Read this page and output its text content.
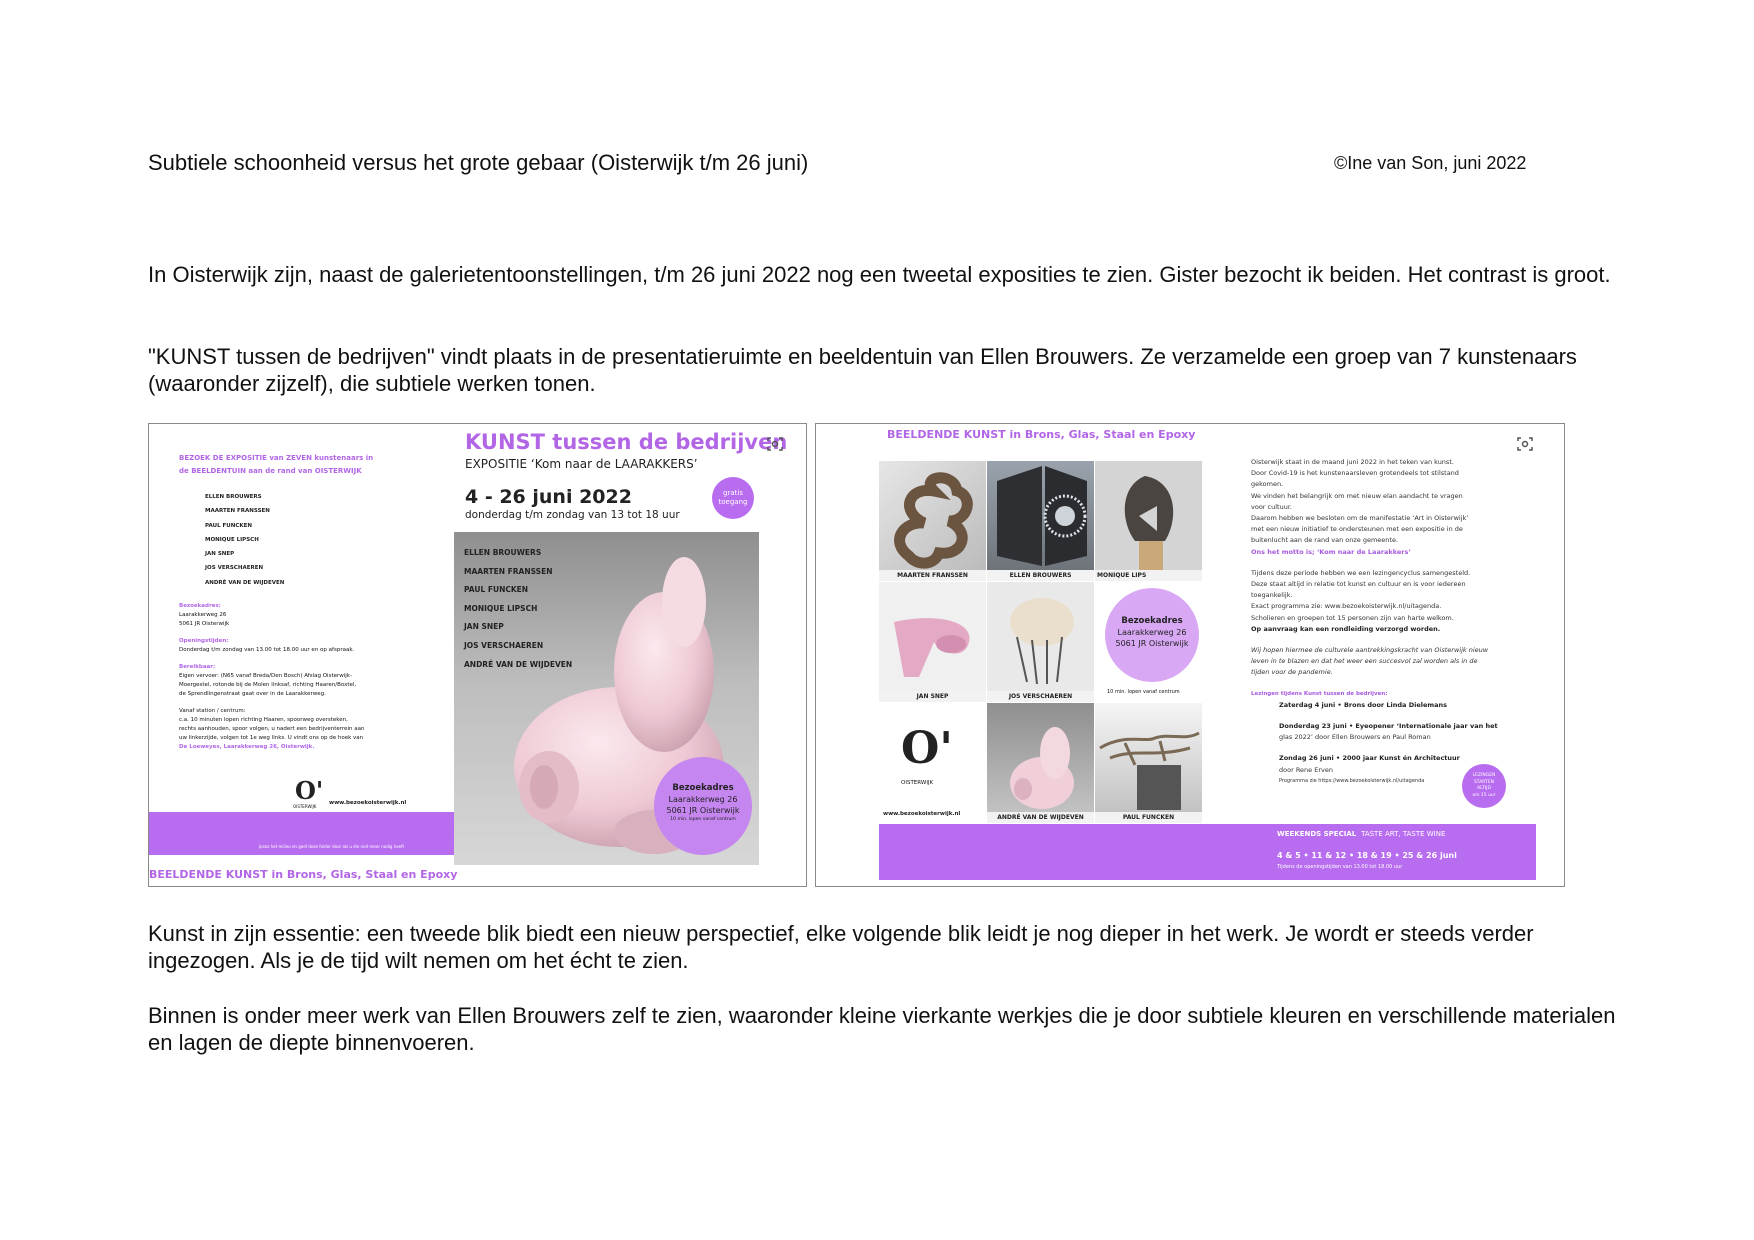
Subtiele schoonheid versus het grote gebaar (Oisterwijk t/m 26 juni)	©Ine van Son, juni 2022
In Oisterwijk zijn, naast de galerietentoonstellingen, t/m 26 juni 2022 nog een tweetal exposities te zien. Gister bezocht ik beiden. Het contrast is groot.
"KUNST tussen de bedrijven" vindt plaats in de presentatieruimte en beeldentuin van Ellen Brouwers. Ze verzamelde een groep van 7 kunstenaars (waaronder zijzelf), die subtiele werken tonen.
BEZOEK DE EXPOSITIE van ZEVEN kunstenaars in
de BEELDENTUIN aan de rand van OISTERWIJK
ELLEN BROUWERS
MAARTEN FRANSSEN
PAUL FUNCKEN
MONIQUE LIPSCH
JAN SNEP
JOS VERSCHAEREN
ANDRÉ VAN DE WIJDEVEN
Bezoekadres:
Laarakkerweg 26
5061 JR Oisterwijk
Openingstijden:
Donderdag t/m zondag van 13.00 tot 18.00 uur en op afspraak.
Bereikbaar:
Eigen vervoer: (N65 vanaf Breda/Den Bosch) Afslag Oisterwijk-
Moergestel, rotonde bij de Molen linksaf, richting Haaren/Boxtel,
de Sprendlingenstraat gaat over in de Laarakkerweg.
Vanaf station / centrum:
c.a. 10 minuten lopen richting Haaren, spoorweg oversteken,
rechts aanhouden, spoor volgen, u nadert een bedrijventerrein aan
uw linkerzijde, volgen tot 1e weg links. U vindt ons op de hoek van
De Loeweyes, Laarakkerweg 26, Oisterwijk.
O'
OISTERWIJK
www.bezoekoisterwijk.nl
Ipsez het milieu en geef deze folder door als u die niet meer nodig heeft
KUNST tussen de bedrijven
EXPOSITIE ‘Kom naar de LAARAKKERS’
4 - 26 juni 2022
donderdag t/m zondag van 13 tot 18 uur
gratis
toegang
ELLEN BROUWERS
MAARTEN FRANSSEN
PAUL FUNCKEN
MONIQUE LIPSCH
JAN SNEP
JOS VERSCHAEREN
ANDRÉ VAN DE WIJDEVEN
Bezoekadres
Laarakkerweg 26
5061 JR Oisterwijk
10 min. lopen vanaf centrum
BEELDENDE KUNST in Brons, Glas, Staal en Epoxy
BEELDENDE KUNST in Brons, Glas, Staal en Epoxy
MAARTEN FRANSSEN	ELLEN BROUWERS	MONIQUE LIPS
JAN SNEP	JOS VERSCHAEREN
Bezoekadres
Laarakkerweg 26
5061 JR Oisterwijk
10 min. lopen vanaf centrum
O'
OISTERWIJK
www.bezoekoisterwijk.nl	ANDRÉ VAN DE WIJDEVEN	PAUL FUNCKEN
Oisterwijk staat in de maand juni 2022 in het teken van kunst.
Door Covid-19 is het kunstenaarsleven grotendeels tot stilstand
gekomen.
We vinden het belangrijk om met nieuw elan aandacht te vragen
voor cultuur.
Daarom hebben we besloten om de manifestatie ‘Art in Oisterwijk’
met een nieuw initiatief te ondersteunen met een expositie in de
buitenlucht aan de rand van onze gemeente.
Ons het motto is; ‘Kom naar de Laarakkers’
Tijdens deze periode hebben we een lezingencyclus samengesteld.
Deze staat altijd in relatie tot kunst en cultuur en is voor iedereen
toegankelijk.
Exact programma zie: www.bezoekoisterwijk.nl/uitagenda.
Scholieren en groepen tot 15 personen zijn van harte welkom.
Op aanvraag kan een rondleiding verzorgd worden.
Wij hopen hiermee de culturele aantrekkingskracht van Oisterwijk nieuw
leven in te blazen en dat het weer een succesvol zal worden als in de
tijden voor de pandemie.
Lezingen tijdens Kunst tussen de bedrijven:
Zaterdag 4 juni • Brons door Linda Dielemans
Donderdag 23 juni • Eyeopener ‘Internationale jaar van het
glas 2022’ door Ellen Brouwers en Paul Roman
Zondag 26 juni • 2000 jaar Kunst én Architectuur
door Rene Erven
Programma zie https://www.bezoekoisterwijk.nl/uitagenda
LEZINGEN
STARTEN
ALTIJD
om 15 uur
WEEKENDS SPECIAL TASTE ART, TASTE WINE
4 & 5 • 11 & 12 • 18 & 19 • 25 & 26 juni
Tijdens de openingstijden van 13.00 tot 18.00 uur
Kunst in zijn essentie: een tweede blik biedt een nieuw perspectief, elke volgende blik leidt je nog dieper in het werk. Je wordt er steeds verder ingezogen. Als je de tijd wilt nemen om het écht te zien.
Binnen is onder meer werk van Ellen Brouwers zelf te zien, waaronder kleine vierkante werkjes die je door subtiele kleuren en verschillende materialen en lagen de diepte binnenvoeren.
